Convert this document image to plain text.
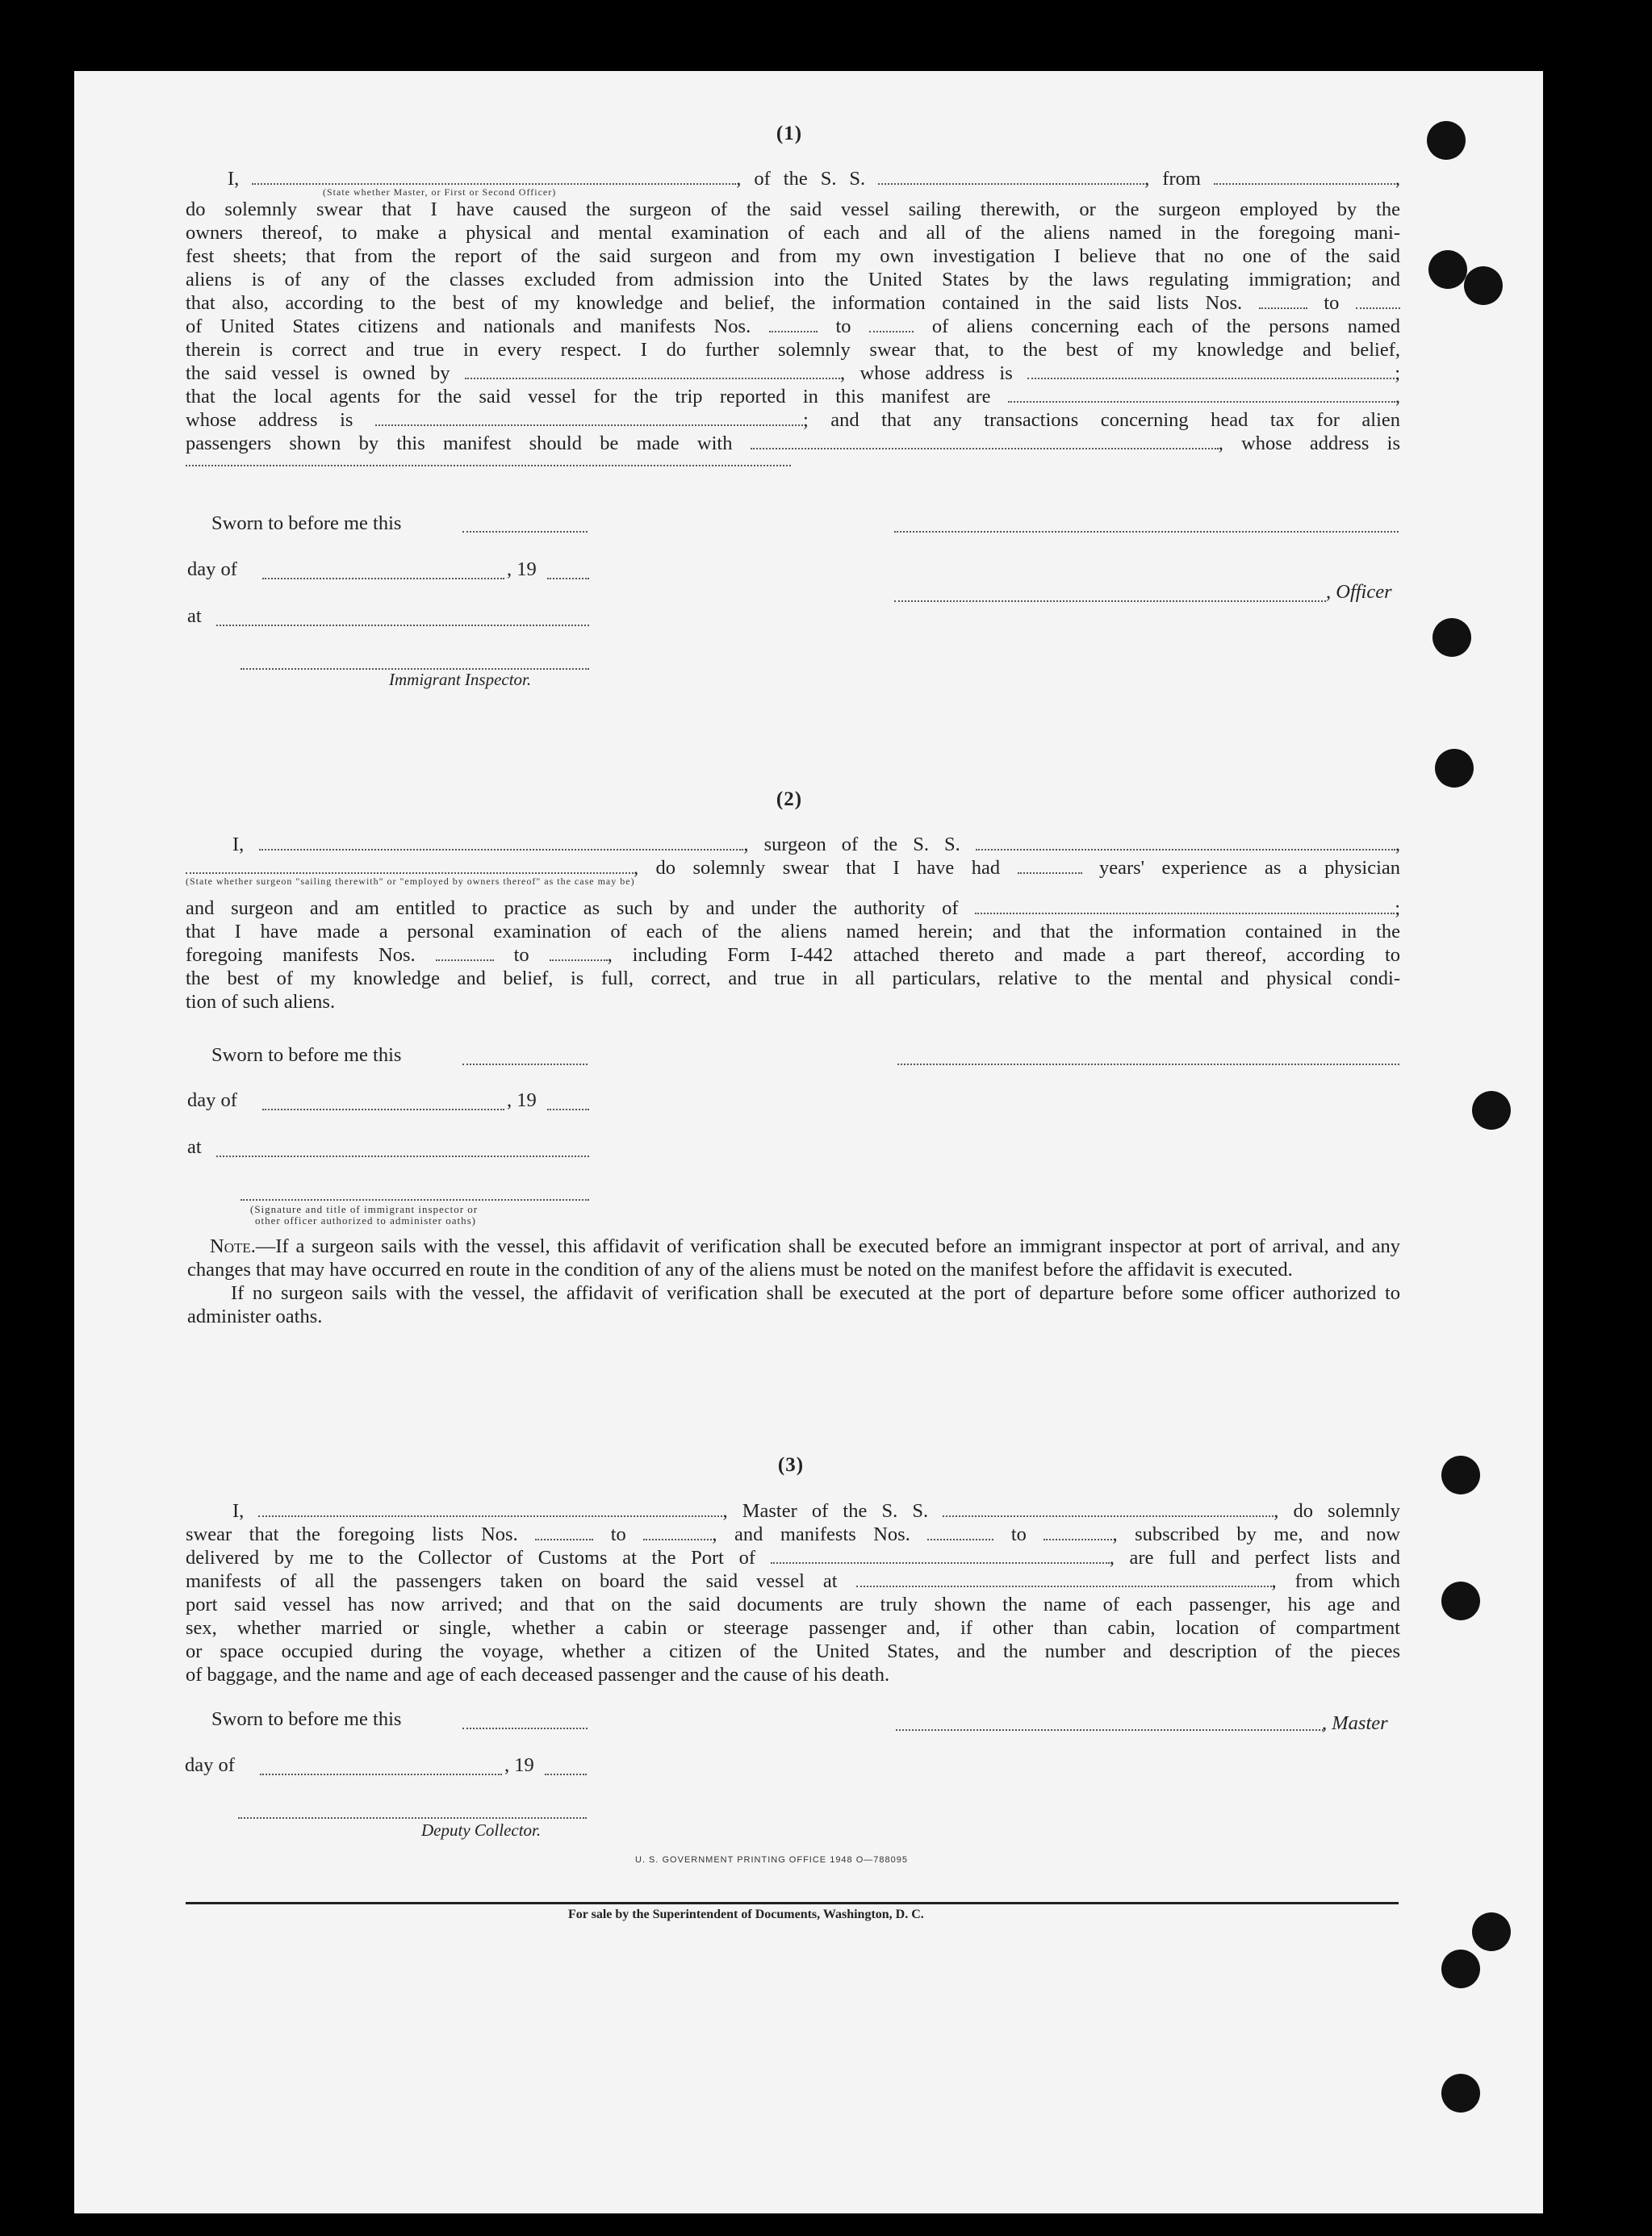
(1)
I,	, of the S. S.	, from	,
(State whether Master, or First or Second Officer)
do solemnly swear that I have caused the surgeon of the said vessel sailing therewith, or the surgeon employed by the
owners thereof, to make a physical and mental examination of each and all of the aliens named in the foregoing mani-
fest sheets; that from the report of the said surgeon and from my own investigation I believe that no one of the said
aliens is of any of the classes excluded from admission into the United States by the laws regulating immigration; and
that also, according to the best of my knowledge and belief, the information contained in the said lists Nos.	to
of United States citizens and nationals and manifests Nos.	to	of aliens concerning each of the persons named
therein is correct and true in every respect. I do further solemnly swear that, to the best of my knowledge and belief,
the said vessel is owned by	, whose address is	;
that the local agents for the said vessel for the trip reported in this manifest are	,
whose address is	; and that any transactions concerning head tax for alien
passengers shown by this manifest should be made with	, whose address is
Sworn to before me this
day of	, 19
, Officer
at
Immigrant Inspector.
(2)
I,	, surgeon of the S. S.	,
, do solemnly swear that I have had	years' experience as a physician
(State whether surgeon "sailing therewith" or "employed by owners thereof" as the case may be)
and surgeon and am entitled to practice as such by and under the authority of	;
that I have made a personal examination of each of the aliens named herein; and that the information contained in the
foregoing manifests Nos.	to	, including Form I-442 attached thereto and made a part thereof, according to
the best of my knowledge and belief, is full, correct, and true in all particulars, relative to the mental and physical condi-
tion of such aliens.
Sworn to before me this
day of	, 19
at
(Signature and title of immigrant inspector or
other officer authorized to administer oaths)
Note.—If a surgeon sails with the vessel, this affidavit of verification shall be executed before an immigrant inspector at port of arrival, and any changes that may have occurred en route in the condition of any of the aliens must be noted on the manifest before the affidavit is executed.
If no surgeon sails with the vessel, the affidavit of verification shall be executed at the port of departure before some officer authorized to administer oaths.
(3)
I,	, Master of the S. S.	, do solemnly
swear that the foregoing lists Nos.	to	, and manifests Nos.	to	, subscribed by me, and now
delivered by me to the Collector of Customs at the Port of	, are full and perfect lists and
manifests of all the passengers taken on board the said vessel at	, from which
port said vessel has now arrived; and that on the said documents are truly shown the name of each passenger, his age and
sex, whether married or single, whether a cabin or steerage passenger and, if other than cabin, location of compartment
or space occupied during the voyage, whether a citizen of the United States, and the number and description of the pieces
of baggage, and the name and age of each deceased passenger and the cause of his death.
Sworn to before me this	, Master
day of	, 19
Deputy Collector.
U. S. GOVERNMENT PRINTING OFFICE 1948 O—788095
For sale by the Superintendent of Documents, Washington, D. C.
